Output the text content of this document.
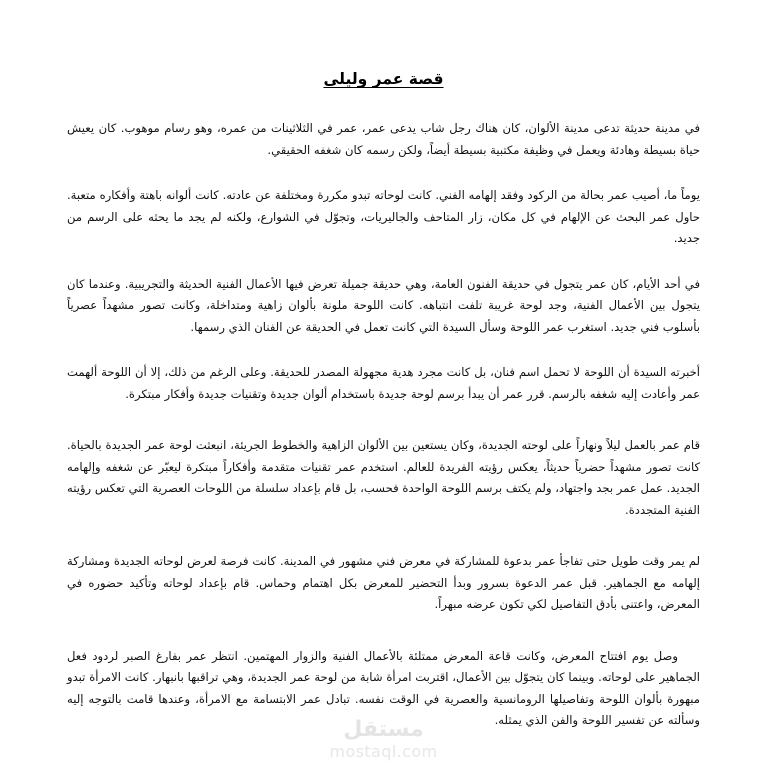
قصة عمر وليلى

في مدينة حديثة تدعى مدينة الألوان، كان هناك رجل شاب يدعى عمر، عمر في الثلاثينات من عمره، وهو رسام موهوب. كان يعيش حياة بسيطة وهادئة ويعمل في وظيفة مكتبية بسيطة أيضاً، ولكن رسمه كان شغفه الحقيقي.

يوماً ما، أصيب عمر بحالة من الركود وفقد إلهامه الفني. كانت لوحاته تبدو مكررة ومختلفة عن عادته. كانت ألوانه باهتة وأفكاره متعبة. حاول عمر البحث عن الإلهام في كل مكان، زار المتاحف والجاليريات، وتجوّل في الشوارع، ولكنه لم يجد ما يحثه على الرسم من جديد.

في أحد الأيام، كان عمر يتجول في حديقة الفنون العامة، وهي حديقة جميلة تعرض فيها الأعمال الفنية الحديثة والتجريبية. وعندما كان يتجول بين الأعمال الفنية، وجد لوحة غريبة تلفت انتباهه. كانت اللوحة ملونة بألوان زاهية ومتداخلة، وكانت تصور مشهداً عصرياً بأسلوب فني جديد. استغرب عمر اللوحة وسأل السيدة التي كانت تعمل في الحديقة عن الفنان الذي رسمها.

أخبرته السيدة أن اللوحة لا تحمل اسم فنان، بل كانت مجرد هدية مجهولة المصدر للحديقة. وعلى الرغم من ذلك، إلا أن اللوحة ألهمت عمر وأعادت إليه شغفه بالرسم. قرر عمر أن يبدأ برسم لوحة جديدة باستخدام ألوان جديدة وتقنيات جديدة وأفكار مبتكرة.

قام عمر بالعمل ليلاً ونهاراً على لوحته الجديدة، وكان يستعين بين الألوان الزاهية والخطوط الجريئة، انبعثت لوحة عمر الجديدة بالحياة. كانت تصور مشهداً حضرياً حديثاً، يعكس رؤيته الفريدة للعالم. استخدم عمر تقنيات متقدمة وأفكاراً مبتكرة ليعبّر عن شغفه وإلهامه الجديد. عمل عمر بجد واجتهاد، ولم يكتف برسم اللوحة الواحدة فحسب، بل قام بإعداد سلسلة من اللوحات العصرية التي تعكس رؤيته الفنية المتجددة.

لم يمر وقت طويل حتى تفاجأ عمر بدعوة للمشاركة في معرض فني مشهور في المدينة. كانت فرصة لعرض لوحاته الجديدة ومشاركة إلهامه مع الجماهير. قبل عمر الدعوة بسرور وبدأ التحضير للمعرض بكل اهتمام وحماس. قام بإعداد لوحاته وتأكيد حضوره في المعرض، واعتنى بأدق التفاصيل لكي تكون عرضه مبهراً.

وصل يوم افتتاح المعرض، وكانت قاعة المعرض ممتلئة بالأعمال الفنية والزوار المهتمين. انتظر عمر بفارغ الصبر لردود فعل الجماهير على لوحاته. وبينما كان يتجوّل بين الأعمال، اقتربت امرأة شابة من لوحة عمر الجديدة، وهي تراقبها بانبهار. كانت الامرأة تبدو مبهورة بألوان اللوحة وتفاصيلها الرومانسية والعصرية في الوقت نفسه. تبادل عمر الابتسامة مع الامرأة، وعندها قامت بالتوجه إليه وسألته عن تفسير اللوحة والفن الذي يمثله.

مستقل
mostaql.com
